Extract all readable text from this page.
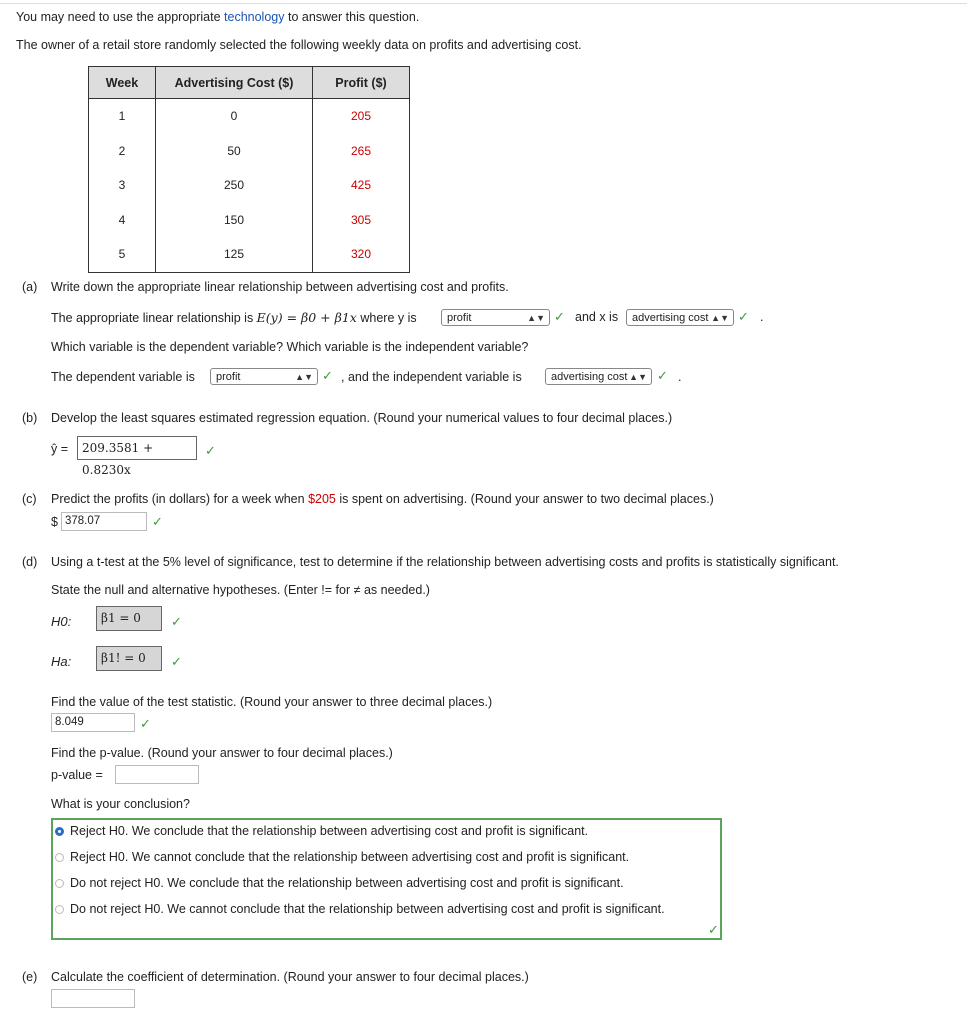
You may need to use the appropriate technology to answer this question.
The owner of a retail store randomly selected the following weekly data on profits and advertising cost.
Week	Advertising Cost ($)	Profit ($)
1	0	205
2	50	265
3	250	425
4	150	305
5	125	320
(a) Write down the appropriate linear relationship between advertising cost and profits.
The appropriate linear relationship is E(y) = β0 + β1x where y is	profit	▲▼ ✓ and x is	advertising cost ▲▼ ✓ .
Which variable is the dependent variable? Which variable is the independent variable?
The dependent variable is	profit	▲▼ ✓ , and the independent variable is	advertising cost ▲▼ ✓ .
(b) Develop the least squares estimated regression equation. (Round your numerical values to four decimal places.)
ŷ =	209.3581 + 0.8230x
✓
(c) Predict the profits (in dollars) for a week when $205 is spent on advertising. (Round your answer to two decimal places.)
$ 378.07	✓
(d) Using a t-test at the 5% level of significance, test to determine if the relationship between advertising costs and profits is statistically significant.
State the null and alternative hypotheses. (Enter != for ≠ as needed.)
H0:	β1 = 0	✓
Ha:	β1! = 0	✓
Find the value of the test statistic. (Round your answer to three decimal places.)
8.049	✓
Find the p-value. (Round your answer to four decimal places.)
p-value =
What is your conclusion?
Reject H0. We conclude that the relationship between advertising cost and profit is significant.
Reject H0. We cannot conclude that the relationship between advertising cost and profit is significant.
Do not reject H0. We conclude that the relationship between advertising cost and profit is significant.
Do not reject H0. We cannot conclude that the relationship between advertising cost and profit is significant.
✓
(e) Calculate the coefficient of determination. (Round your answer to four decimal places.)
